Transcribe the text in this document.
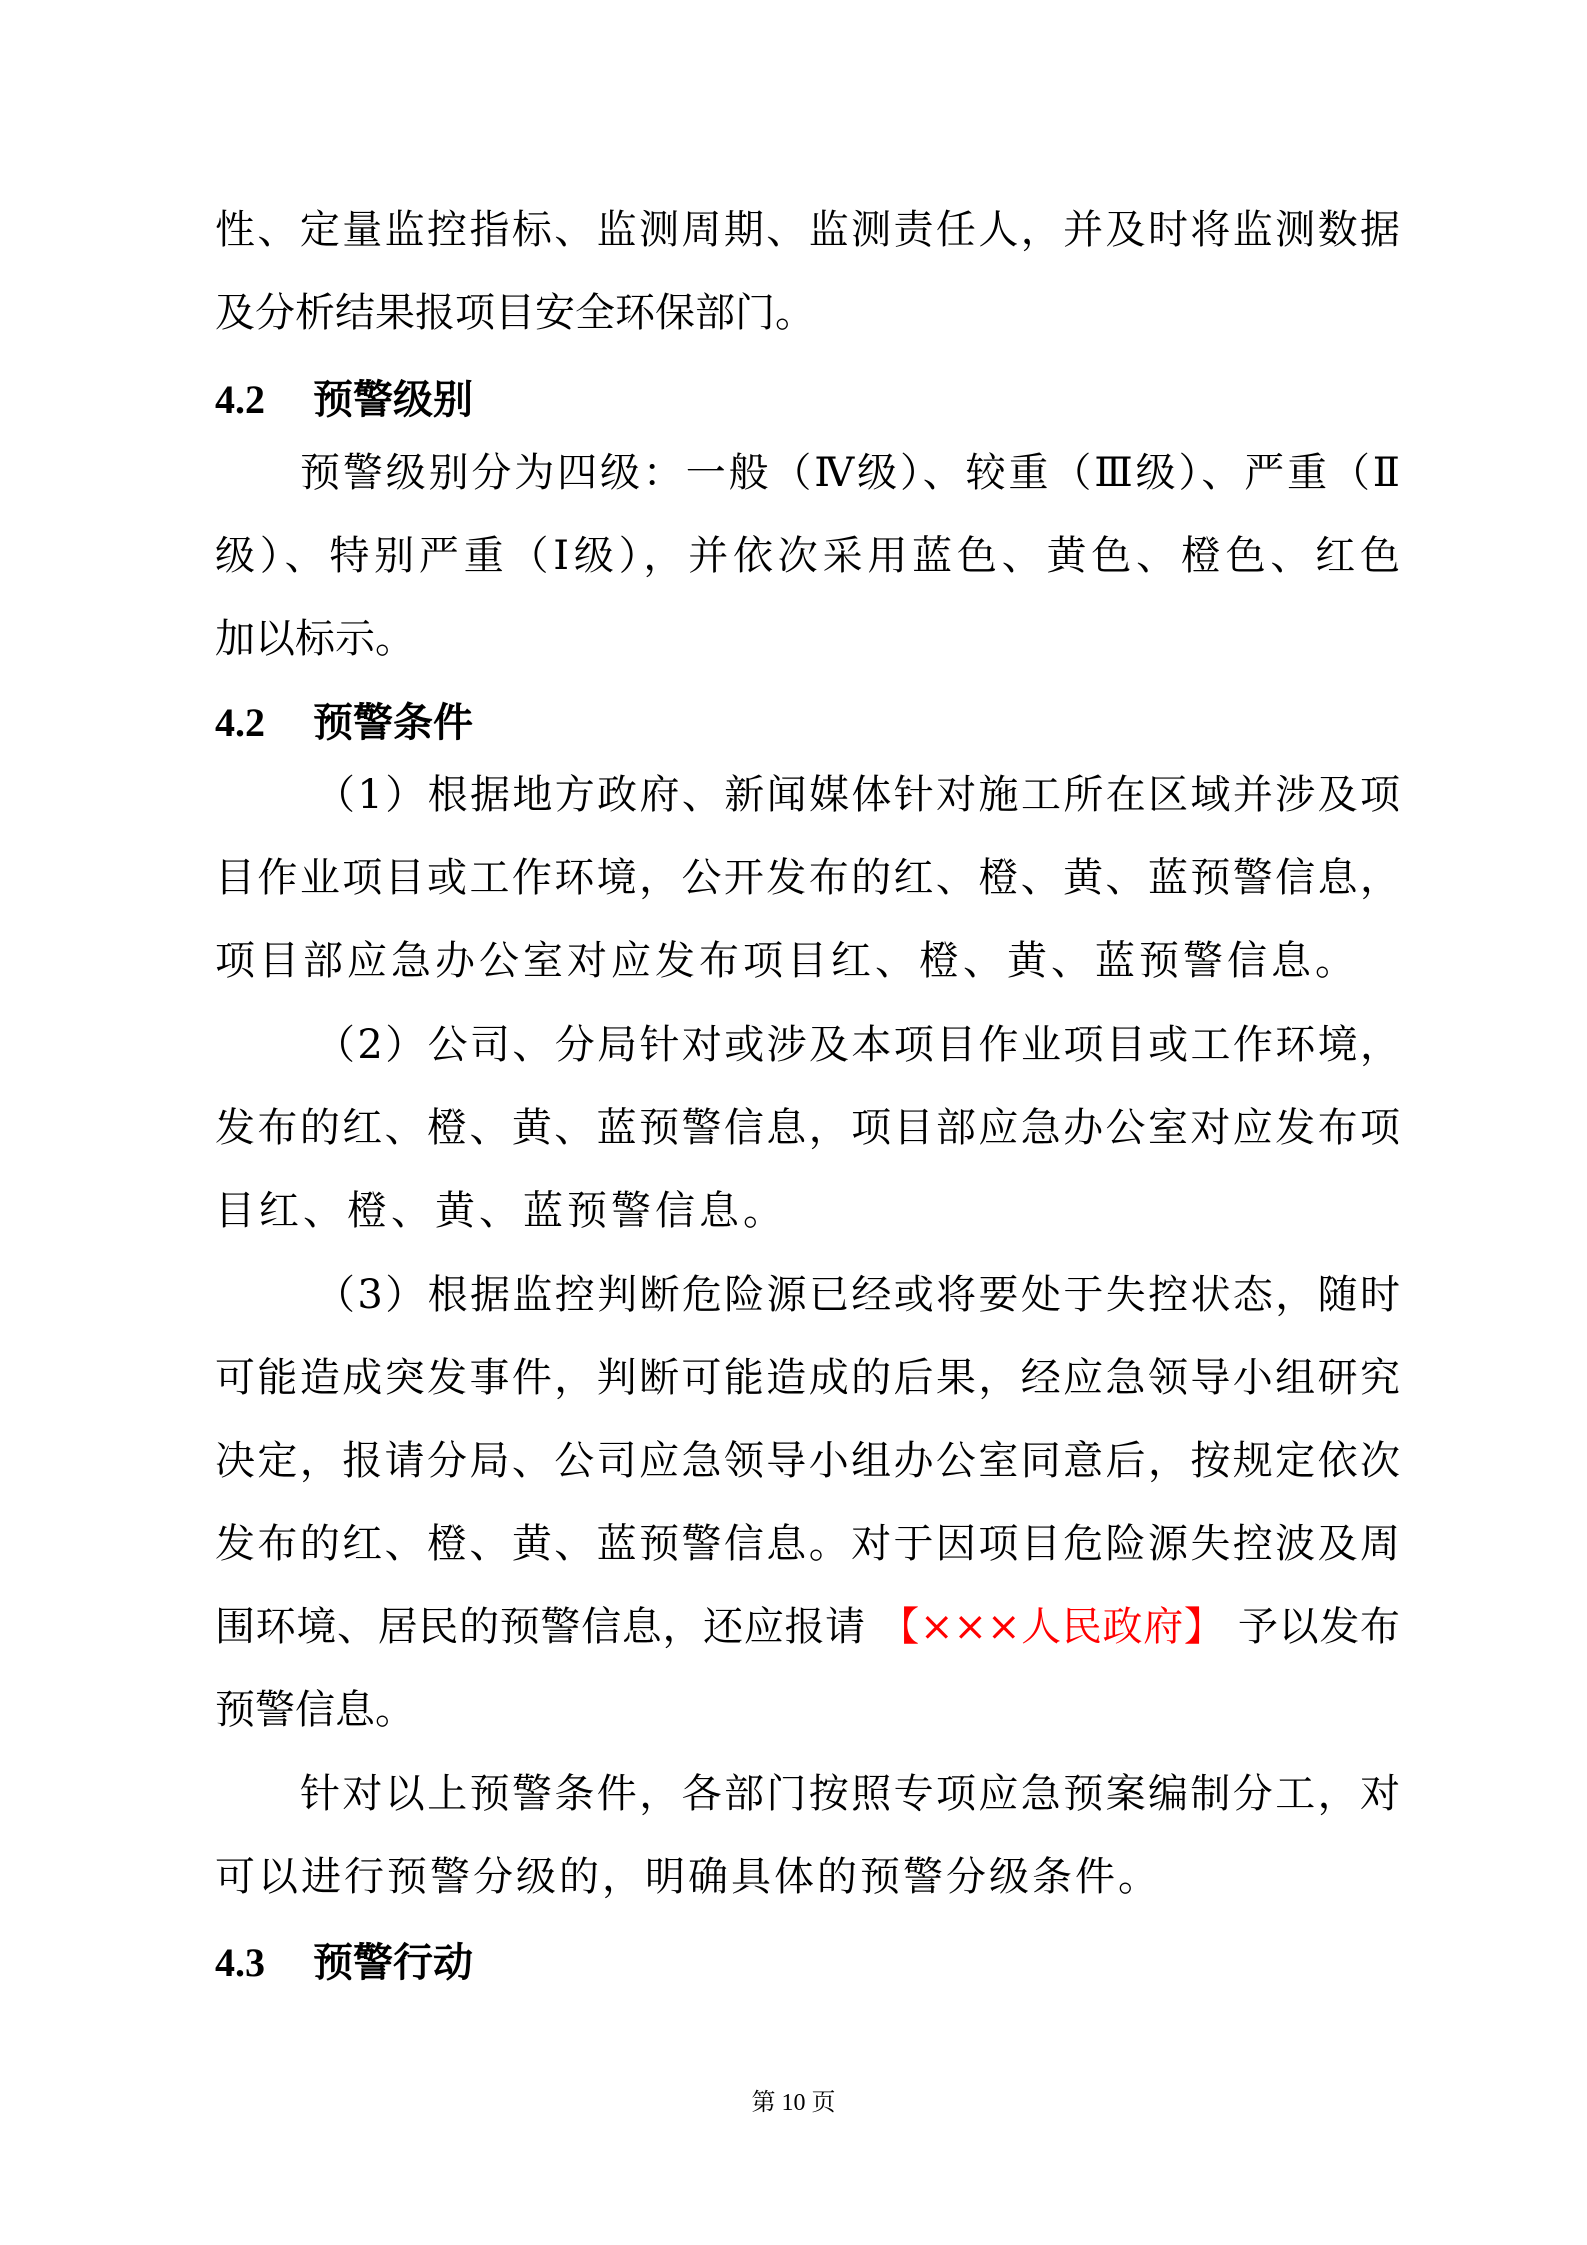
性、定量监控指标、监测周期、监测责任人，并及时将监测数据
及分析结果报项目安全环保部门。
4.2 预警级别
预警级别分为四级：一般（Ⅳ级）、较重（Ⅲ级）、严重（Ⅱ
级）、特别严重（Ⅰ级），并依次采用蓝色、黄色、橙色、红色
加以标示。
4.2 预警条件
（1）根据地方政府、新闻媒体针对施工所在区域并涉及项
目作业项目或工作环境，公开发布的红、橙、黄、蓝预警信息，
项目部应急办公室对应发布项目红、橙、黄、蓝预警信息。
（2）公司、分局针对或涉及本项目作业项目或工作环境，
发布的红、橙、黄、蓝预警信息，项目部应急办公室对应发布项
目红、橙、黄、蓝预警信息。
（3）根据监控判断危险源已经或将要处于失控状态，随时
可能造成突发事件，判断可能造成的后果，经应急领导小组研究
决定，报请分局、公司应急领导小组办公室同意后，按规定依次
发布的红、橙、黄、蓝预警信息。对于因项目危险源失控波及周
围环境、居民的预警信息，还应报请 【×××人民政府】 予以发布
预警信息。
针对以上预警条件，各部门按照专项应急预案编制分工，对
可以进行预警分级的，明确具体的预警分级条件。
4.3 预警行动
第 10 页
